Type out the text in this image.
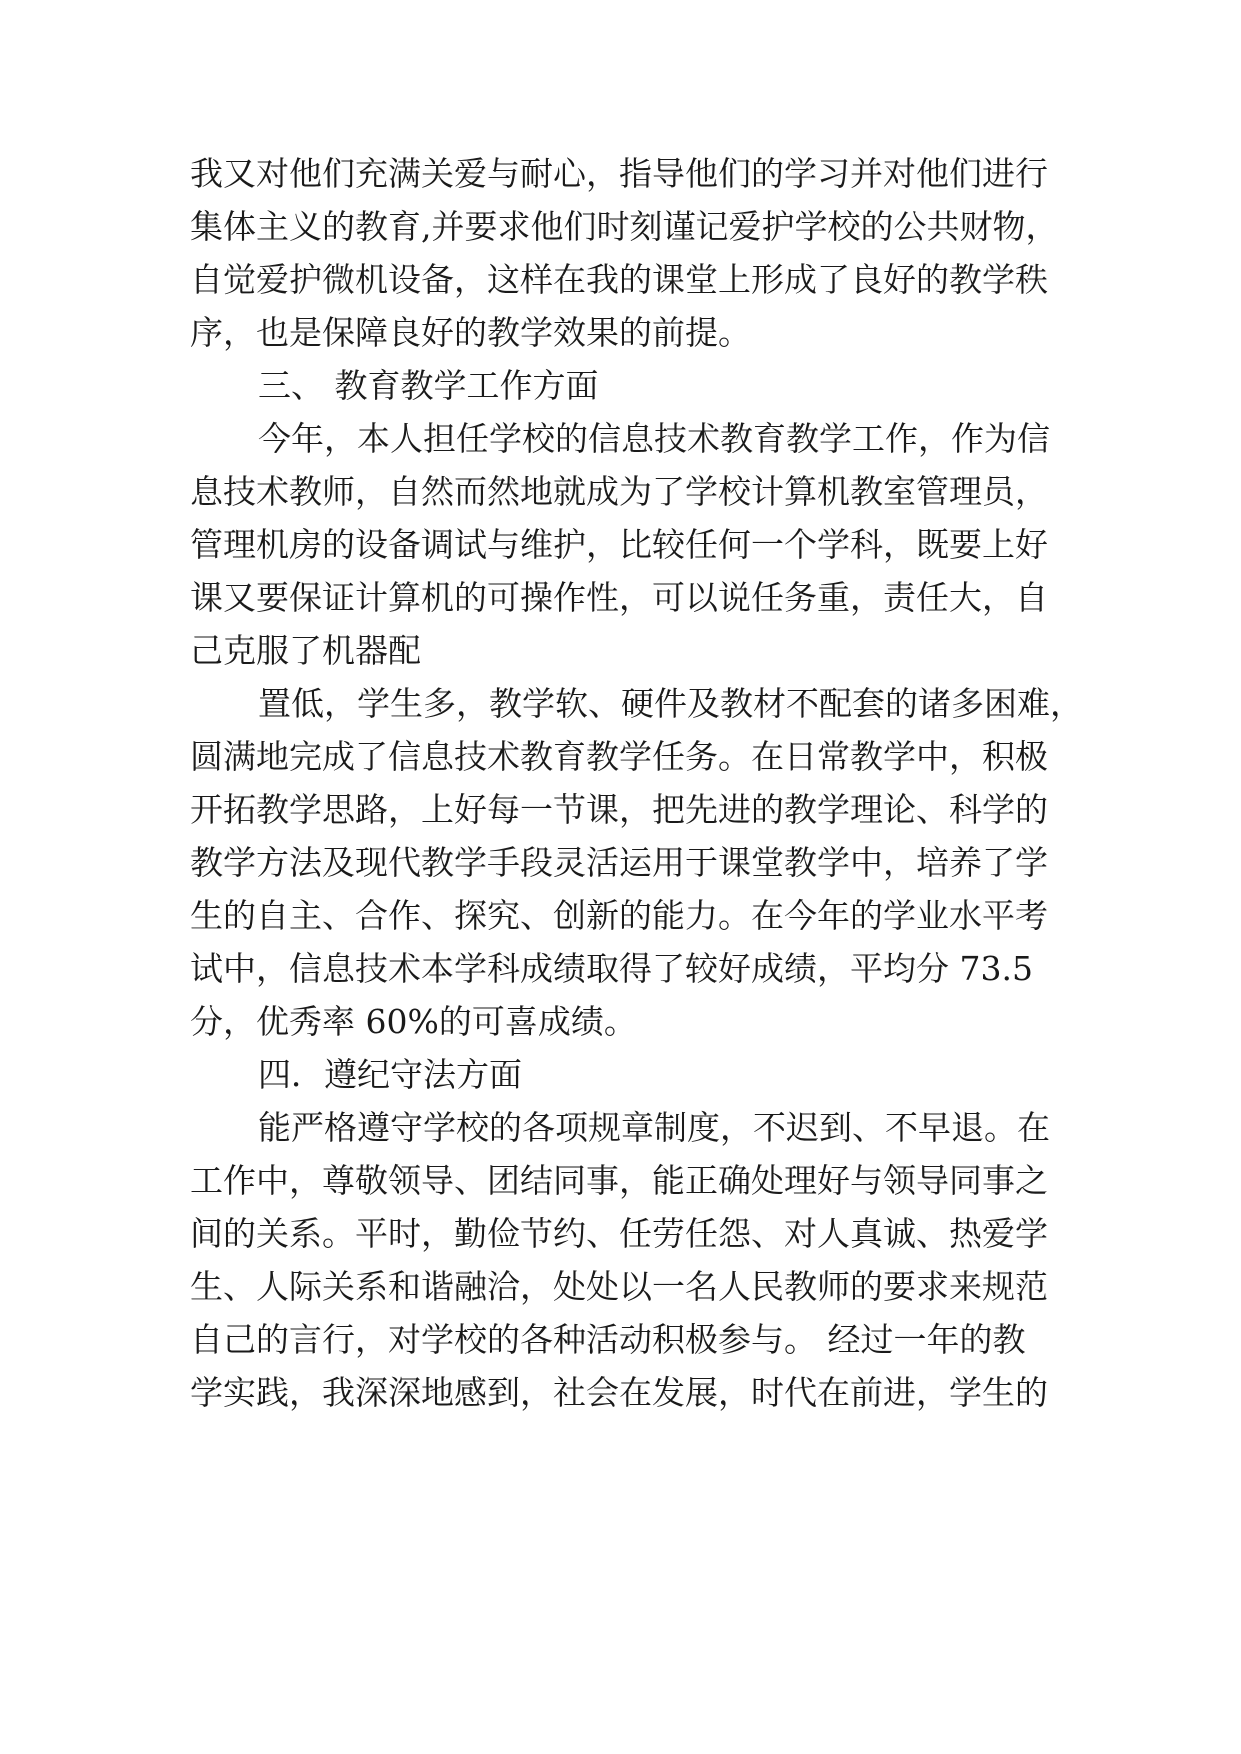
我又对他们充满关爱与耐心，指导他们的学习并对他们进行
集体主义的教育,并要求他们时刻谨记爱护学校的公共财物，
自觉爱护微机设备，这样在我的课堂上形成了良好的教学秩
序，也是保障良好的教学效果的前提。
三、 教育教学工作方面
今年，本人担任学校的信息技术教育教学工作，作为信
息技术教师，自然而然地就成为了学校计算机教室管理员，
管理机房的设备调试与维护，比较任何一个学科，既要上好
课又要保证计算机的可操作性，可以说任务重，责任大，自
己克服了机器配
置低，学生多，教学软、硬件及教材不配套的诸多困难，
圆满地完成了信息技术教育教学任务。在日常教学中，积极
开拓教学思路，上好每一节课，把先进的教学理论、科学的
教学方法及现代教学手段灵活运用于课堂教学中，培养了学
生的自主、合作、探究、创新的能力。在今年的学业水平考
试中，信息技术本学科成绩取得了较好成绩，平均分 73.5
分，优秀率 60%的可喜成绩。
四．遵纪守法方面
能严格遵守学校的各项规章制度，不迟到、不早退。在
工作中，尊敬领导、团结同事，能正确处理好与领导同事之
间的关系。平时，勤俭节约、任劳任怨、对人真诚、热爱学
生、人际关系和谐融洽，处处以一名人民教师的要求来规范
自己的言行，对学校的各种活动积极参与。 经过一年的教
学实践，我深深地感到，社会在发展，时代在前进，学生的
